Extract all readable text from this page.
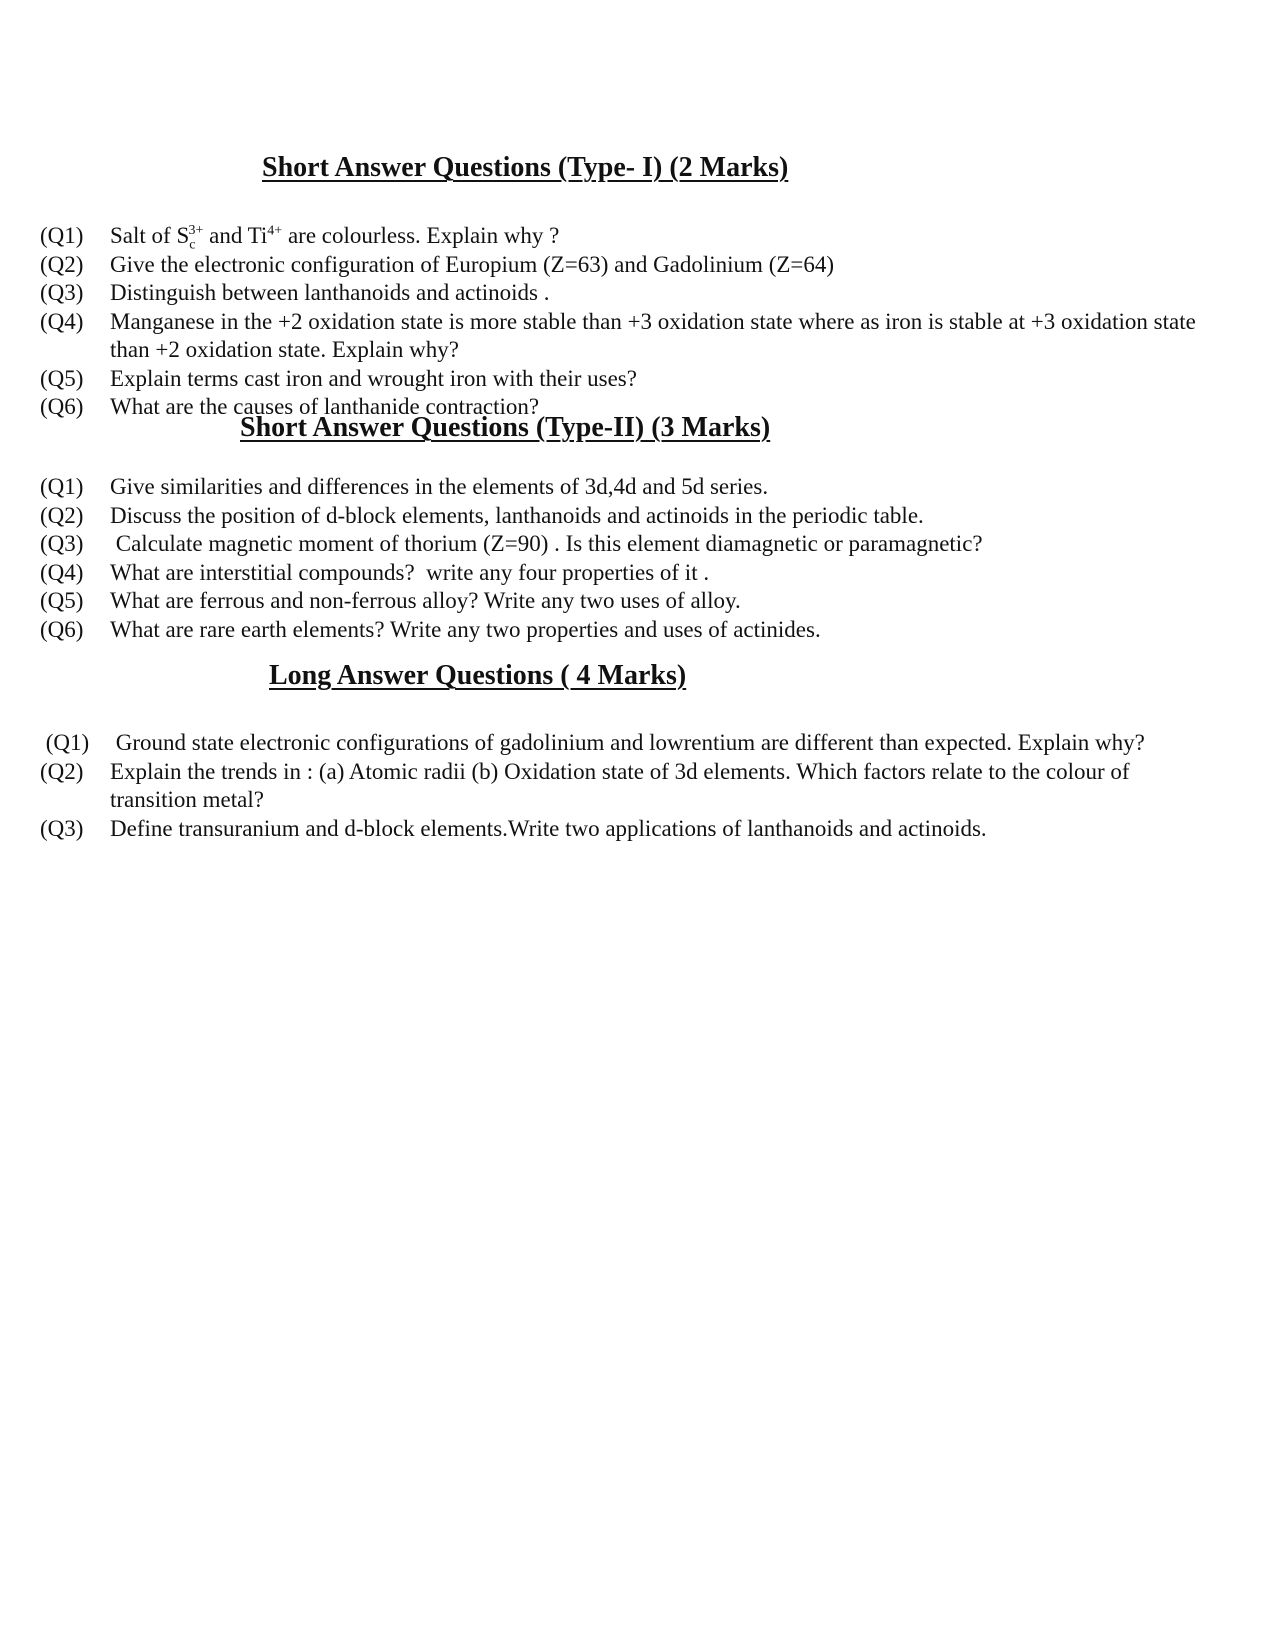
Short Answer Questions (Type- I) (2 Marks)
(Q1)	Salt of $S_c^{3+}$ and $Ti^{4+}$ are colourless. Explain why ?
(Q2)	Give the electronic configuration of Europium (Z=63) and Gadolinium (Z=64)
(Q3)	Distinguish between lanthanoids and actinoids .
(Q4)	Manganese in the +2 oxidation state is more stable than +3 oxidation state where as iron is stable at +3 oxidation state than +2 oxidation state. Explain why?
(Q5)	Explain terms cast iron and wrought iron with their uses?
(Q6)	What are the causes of lanthanide contraction?
Short Answer Questions (Type-II) (3 Marks)
(Q1)	Give similarities and differences in the elements of 3d,4d and 5d series.
(Q2)	Discuss the position of d-block elements, lanthanoids and actinoids in the periodic table.
(Q3)	Calculate magnetic moment of thorium (Z=90) . Is this element diamagnetic or paramagnetic?
(Q4)	What are interstitial compounds?  write any four properties of it .
(Q5)	What are ferrous and non-ferrous alloy? Write any two uses of alloy.
(Q6)	What are rare earth elements? Write any two properties and uses of actinides.
Long Answer Questions ( 4 Marks)
(Q1) Ground state electronic configurations of gadolinium and lowrentium are different than expected. Explain why?
(Q2)	Explain the trends in : (a) Atomic radii (b) Oxidation state of 3d elements. Which factors relate to the colour of transition metal?
(Q3)	Define transuranium and d-block elements.Write two applications of lanthanoids and actinoids.
